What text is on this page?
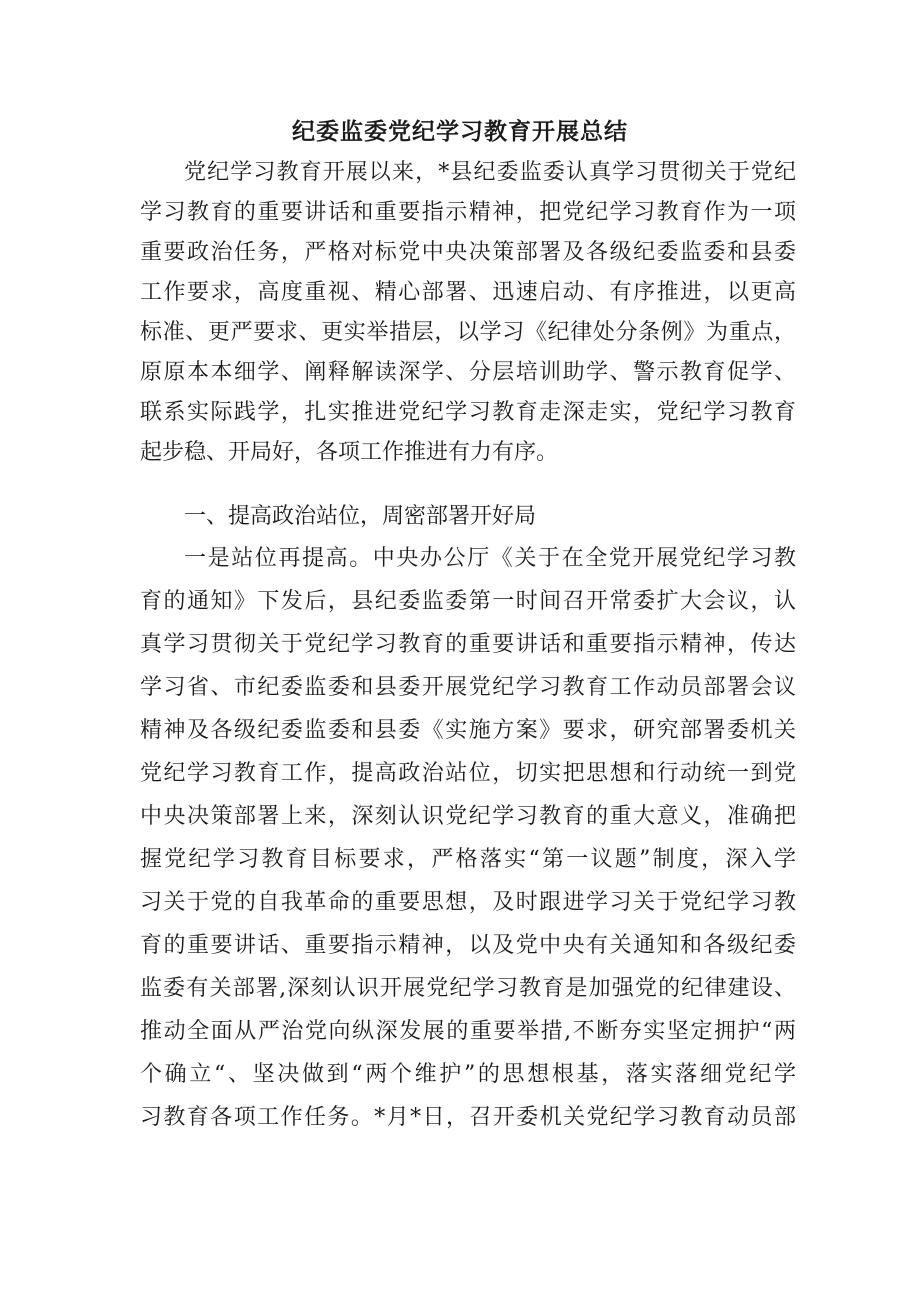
纪委监委党纪学习教育开展总结
党纪学习教育开展以来，*县纪委监委认真学习贯彻关于党纪
学习教育的重要讲话和重要指示精神，把党纪学习教育作为一项
重要政治任务，严格对标党中央决策部署及各级纪委监委和县委
工作要求，高度重视、精心部署、迅速启动、有序推进，以更高
标准、更严要求、更实举措层，以学习《纪律处分条例》为重点，
原原本本细学、阐释解读深学、分层培训助学、警示教育促学、
联系实际践学，扎实推进党纪学习教育走深走实，党纪学习教育
起步稳、开局好，各项工作推进有力有序。
一、提高政治站位，周密部署开好局
一是站位再提高。中央办公厅《关于在全党开展党纪学习教
育的通知》下发后，县纪委监委第一时间召开常委扩大会议，认
真学习贯彻关于党纪学习教育的重要讲话和重要指示精神，传达
学习省、市纪委监委和县委开展党纪学习教育工作动员部署会议
精神及各级纪委监委和县委《实施方案》要求，研究部署委机关
党纪学习教育工作，提高政治站位，切实把思想和行动统一到党
中央决策部署上来，深刻认识党纪学习教育的重大意义，准确把
握党纪学习教育目标要求，严格落实“第一议题”制度，深入学
习关于党的自我革命的重要思想，及时跟进学习关于党纪学习教
育的重要讲话、重要指示精神，以及党中央有关通知和各级纪委
监委有关部署,深刻认识开展党纪学习教育是加强党的纪律建设、
推动全面从严治党向纵深发展的重要举措,不断夯实坚定拥护“两
个确立“、坚决做到“两个维护”的思想根基，落实落细党纪学
习教育各项工作任务。*月*日，召开委机关党纪学习教育动员部
